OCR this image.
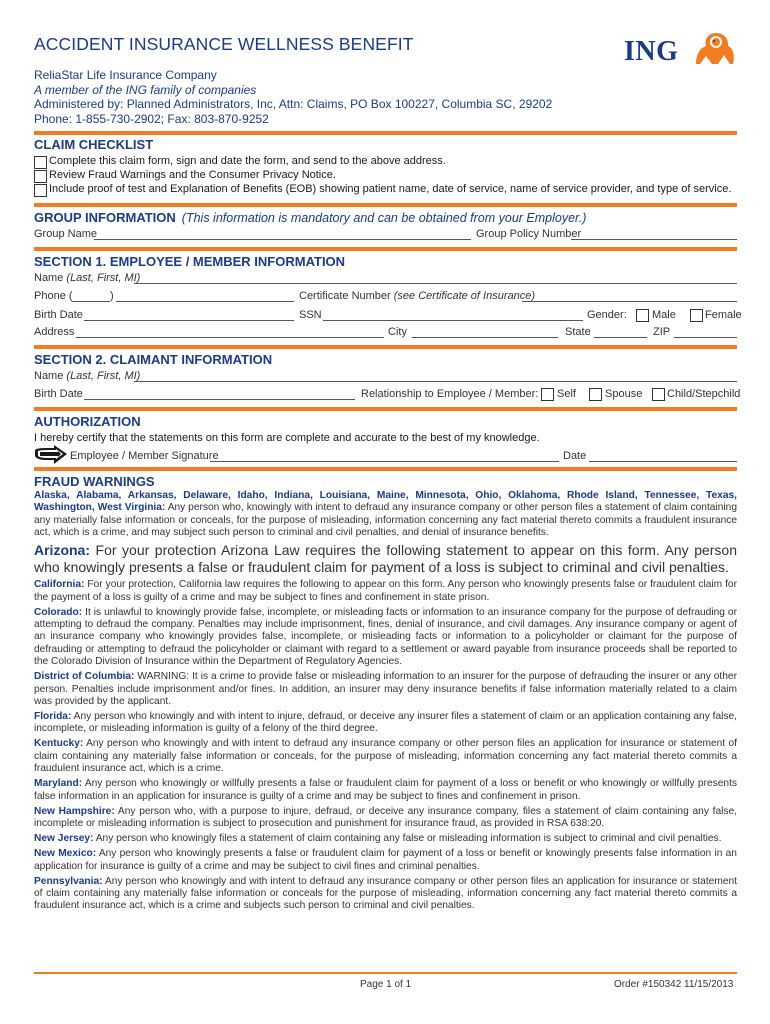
ACCIDENT INSURANCE WELLNESS BENEFIT	ING
ReliaStar Life Insurance Company
A member of the ING family of companies
Administered by: Planned Administrators, Inc, Attn: Claims, PO Box 100227, Columbia SC, 29202
Phone: 1-855-730-2902; Fax: 803-870-9252
CLAIM CHECKLIST
Complete this claim form, sign and date the form, and send to the above address.
Review Fraud Warnings and the Consumer Privacy Notice.
Include proof of test and Explanation of Benefits (EOB) showing patient name, date of service, name of service provider, and type of service.
GROUP INFORMATION (This information is mandatory and can be obtained from your Employer.)
Group Name	Group Policy Number
SECTION 1. EMPLOYEE / MEMBER INFORMATION
Name (Last, First, MI)
Phone (	)	Certificate Number (see Certificate of Insurance)
Birth Date	SSN	Gender: Male	Female
Address	City	State	ZIP
SECTION 2. CLAIMANT INFORMATION
Name (Last, First, MI)
Birth Date	Relationship to Employee / Member: Self	Spouse Child/Stepchild
AUTHORIZATION
I hereby certify that the statements on this form are complete and accurate to the best of my knowledge.
Employee / Member Signature	Date
FRAUD WARNINGS

Alaska, Alabama, Arkansas, Delaware, Idaho, Indiana, Louisiana, Maine, Minnesota, Ohio, Oklahoma, Rhode Island, Tennessee, Texas, Washington, West Virginia: Any person who, knowingly with intent to defraud any insurance company or other person files a statement of claim containing any materially false information or conceals, for the purpose of misleading, information concerning any fact material thereto commits a fraudulent insurance act, which is a crime, and may subject such person to criminal and civil penalties, and denial of insurance benefits.

Arizona: For your protection Arizona Law requires the following statement to appear on this form. Any person who knowingly presents a false or fraudulent claim for payment of a loss is subject to criminal and civil penalties.

California: For your protection, California law requires the following to appear on this form. Any person who knowingly presents false or fraudulent claim for the payment of a loss is guilty of a crime and may be subject to fines and confinement in state prison.

Colorado: It is unlawful to knowingly provide false, incomplete, or misleading facts or information to an insurance company for the purpose of defrauding or attempting to defraud the company. Penalties may include imprisonment, fines, denial of insurance, and civil damages. Any insurance company or agent of an insurance company who knowingly provides false, incomplete, or misleading facts or information to a policyholder or claimant for the purpose of defrauding or attempting to defraud the policyholder or claimant with regard to a settlement or award payable from insurance proceeds shall be reported to the Colorado Division of Insurance within the Department of Regulatory Agencies.

District of Columbia: WARNING: It is a crime to provide false or misleading information to an insurer for the purpose of defrauding the insurer or any other person. Penalties include imprisonment and/or fines. In addition, an insurer may deny insurance benefits if false information materially related to a claim was provided by the applicant.

Florida: Any person who knowingly and with intent to injure, defraud, or deceive any insurer files a statement of claim or an application containing any false, incomplete, or misleading information is guilty of a felony of the third degree.

Kentucky: Any person who knowingly and with intent to defraud any insurance company or other person files an application for insurance or statement of claim containing any materially false information or conceals, for the purpose of misleading, information concerning any fact material thereto commits a fraudulent insurance act, which is a crime.

Maryland: Any person who knowingly or willfully presents a false or fraudulent claim for payment of a loss or benefit or who knowingly or willfully presents false information in an application for insurance is guilty of a crime and may be subject to fines and confinement in prison.

New Hampshire: Any person who, with a purpose to injure, defraud, or deceive any insurance company, files a statement of claim containing any false, incomplete or misleading information is subject to prosecution and punishment for insurance fraud, as provided in RSA 638:20.

New Jersey: Any person who knowingly files a statement of claim containing any false or misleading information is subject to criminal and civil penalties.

New Mexico: Any person who knowingly presents a false or fraudulent claim for payment of a loss or benefit or knowingly presents false information in an application for insurance is guilty of a crime and may be subject to civil fines and criminal penalties.

Pennsylvania: Any person who knowingly and with intent to defraud any insurance company or other person files an application for insurance or statement of claim containing any materially false information or conceals for the purpose of misleading, information concerning any fact material thereto commits a fraudulent insurance act, which is a crime and subjects such person to criminal and civil penalties.

Page 1 of 1	Order #150342 11/15/2013
